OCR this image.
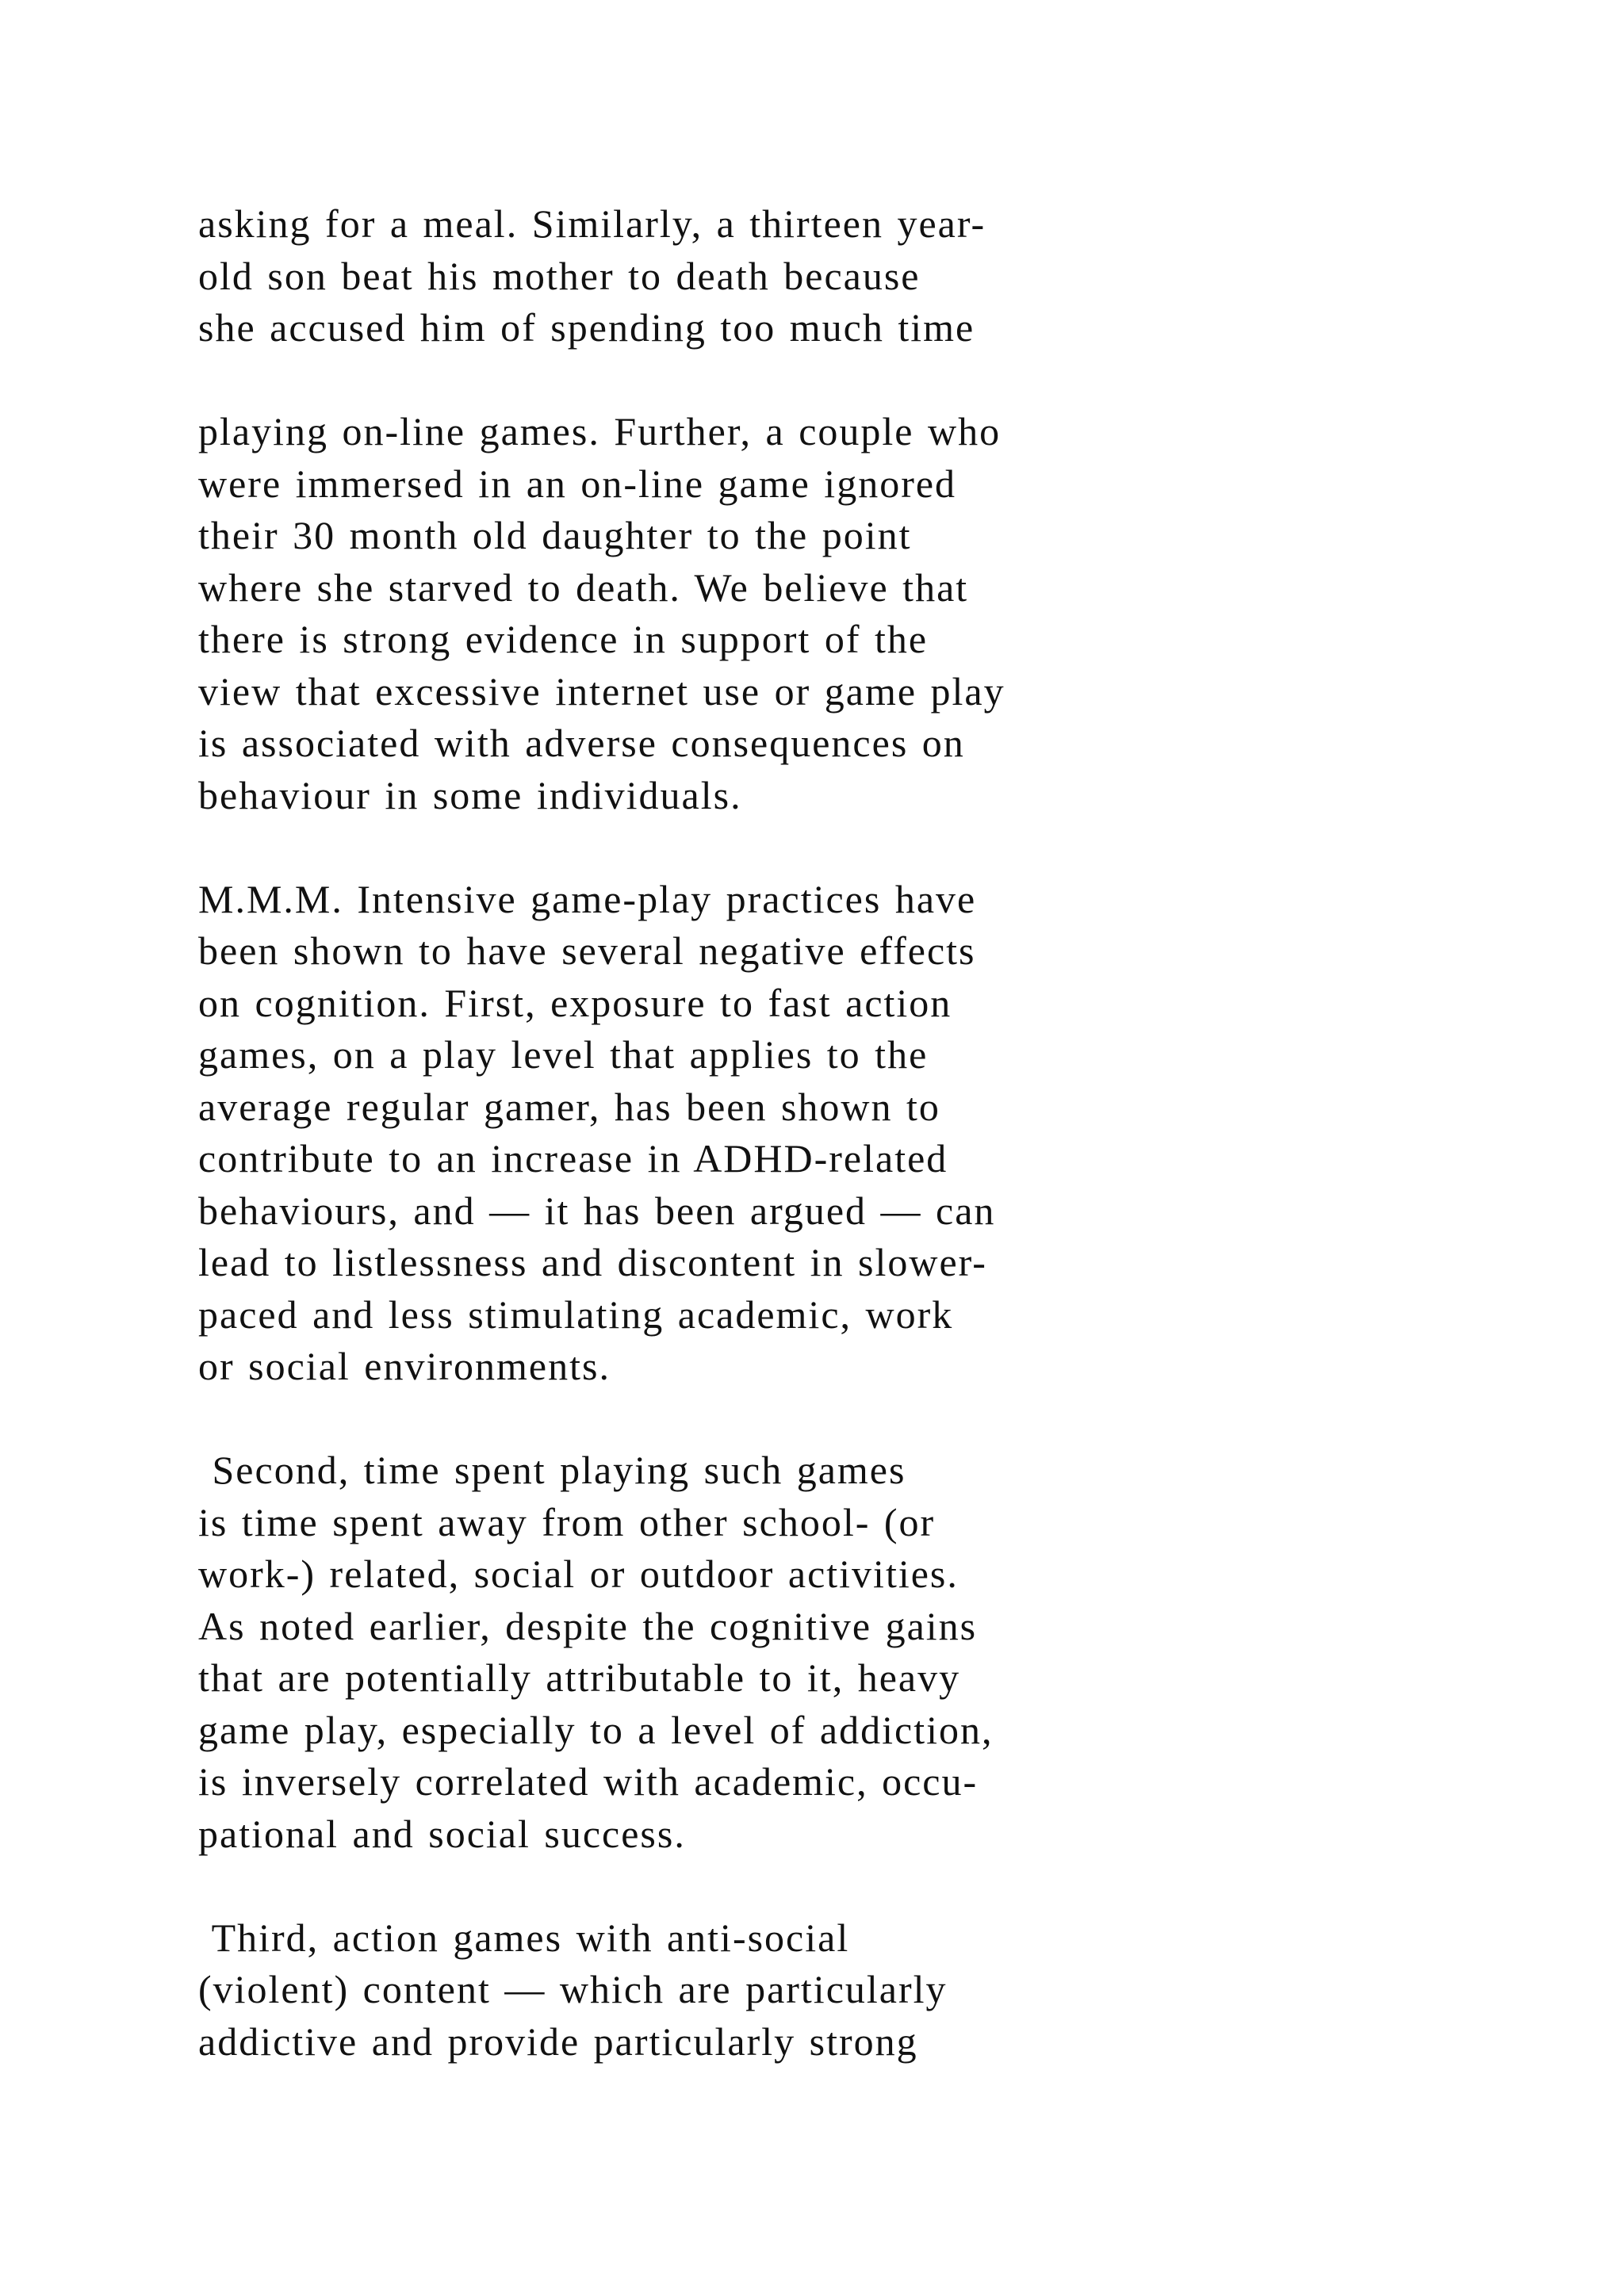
asking for a meal. Similarly, a thirteen year-
old son beat his mother to death because
she accused him of spending too much time
playing on-line games. Further, a couple who
were immersed in an on-line game ignored
their 30 month old daughter to the point
where she starved to death. We believe that
there is strong evidence in support of the
view that excessive internet use or game play
is associated with adverse consequences on
behaviour in some individuals.
M.M.M. Intensive game-play practices have
been shown to have several negative effects
on cognition. First, exposure to fast action
games, on a play level that applies to the
average regular gamer, has been shown to
contribute to an increase in ADHD-related
behaviours, and — it has been argued — can
lead to listlessness and discontent in slower-
paced and less stimulating academic, work
or social environments.
Second, time spent playing such games
is time spent away from other school- (or
work-) related, social or outdoor activities.
As noted earlier, despite the cognitive gains
that are potentially attributable to it, heavy
game play, especially to a level of addiction,
is inversely correlated with academic, occu-
pational and social success.
Third, action games with anti-social
(violent) content — which are particularly
addictive and provide particularly strong
